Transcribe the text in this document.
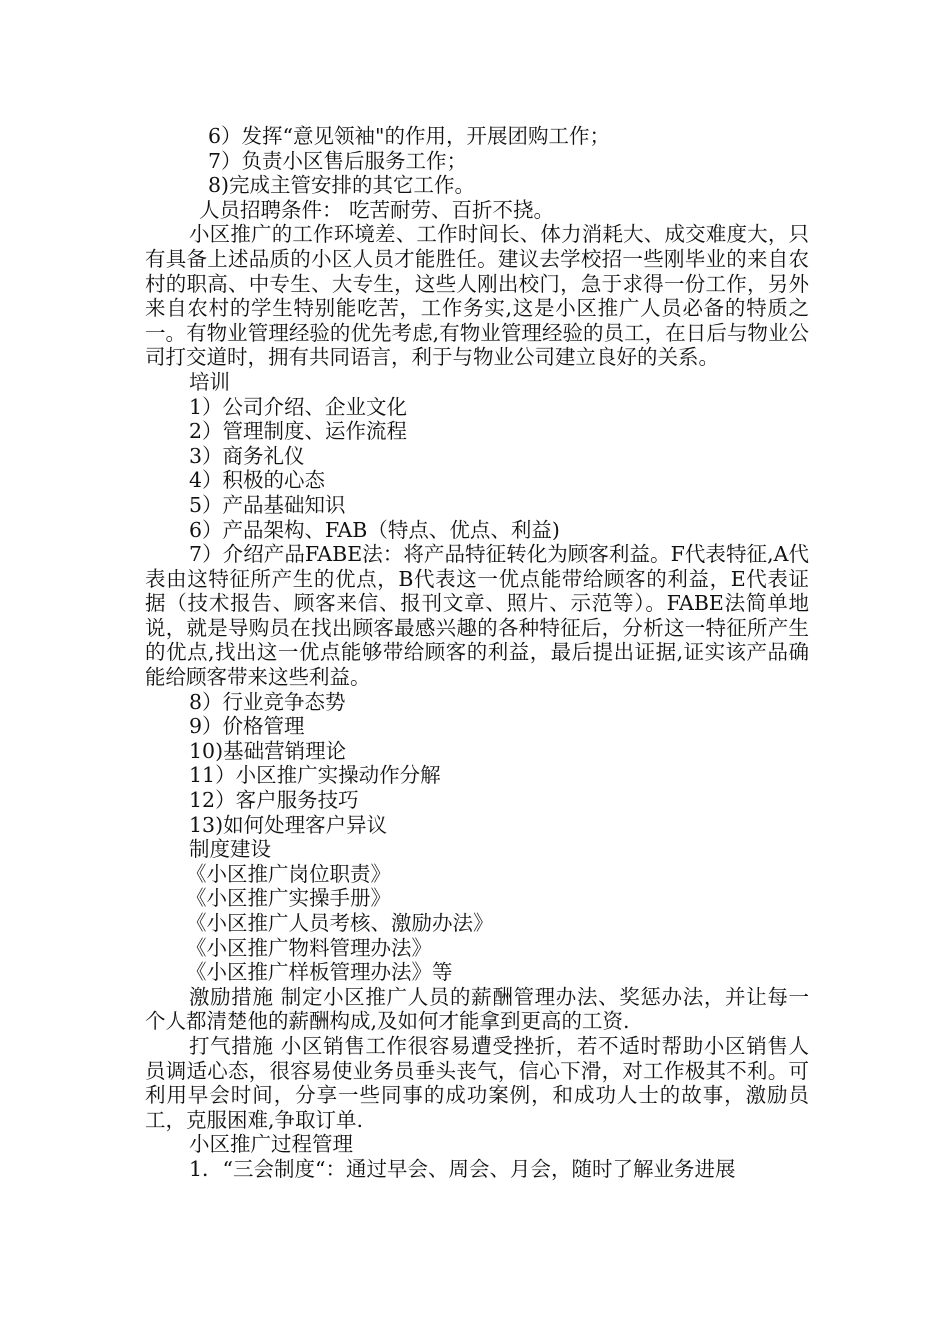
6）发挥“意见领袖"的作用，开展团购工作；

7）负责小区售后服务工作；

8)完成主管安排的其它工作。

人员招聘条件： 吃苦耐劳、百折不挠。

小区推广的工作环境差、工作时间长、体力消耗大、成交难度大，只有具备上述品质的小区人员才能胜任。建议去学校招一些刚毕业的来自农村的职高、中专生、大专生，这些人刚出校门，急于求得一份工作，另外来自农村的学生特别能吃苦，工作务实,这是小区推广人员必备的特质之一。有物业管理经验的优先考虑,有物业管理经验的员工，在日后与物业公司打交道时，拥有共同语言，利于与物业公司建立良好的关系。

培训

1）公司介绍、企业文化

2）管理制度、运作流程

3）商务礼仪

4）积极的心态

5）产品基础知识

6）产品架构、FAB（特点、优点、利益)

7）介绍产品FABE法：将产品特征转化为顾客利益。F代表特征,A代表由这特征所产生的优点，B代表这一优点能带给顾客的利益，E代表证据（技术报告、顾客来信、报刊文章、照片、示范等）。FABE法简单地说，就是导购员在找出顾客最感兴趣的各种特征后，分析这一特征所产生的优点,找出这一优点能够带给顾客的利益，最后提出证据,证实该产品确能给顾客带来这些利益。

8）行业竞争态势

9）价格管理

10)基础营销理论

11）小区推广实操动作分解

12）客户服务技巧

13)如何处理客户异议

制度建设

《小区推广岗位职责》

《小区推广实操手册》

《小区推广人员考核、激励办法》

《小区推广物料管理办法》

《小区推广样板管理办法》等

激励措施 制定小区推广人员的薪酬管理办法、奖惩办法，并让每一个人都清楚他的薪酬构成,及如何才能拿到更高的工资.

打气措施 小区销售工作很容易遭受挫折，若不适时帮助小区销售人员调适心态，很容易使业务员垂头丧气，信心下滑，对工作极其不利。可利用早会时间，分享一些同事的成功案例，和成功人士的故事，激励员工，克服困难,争取订单.

小区推广过程管理

1．“三会制度“：通过早会、周会、月会，随时了解业务进展
